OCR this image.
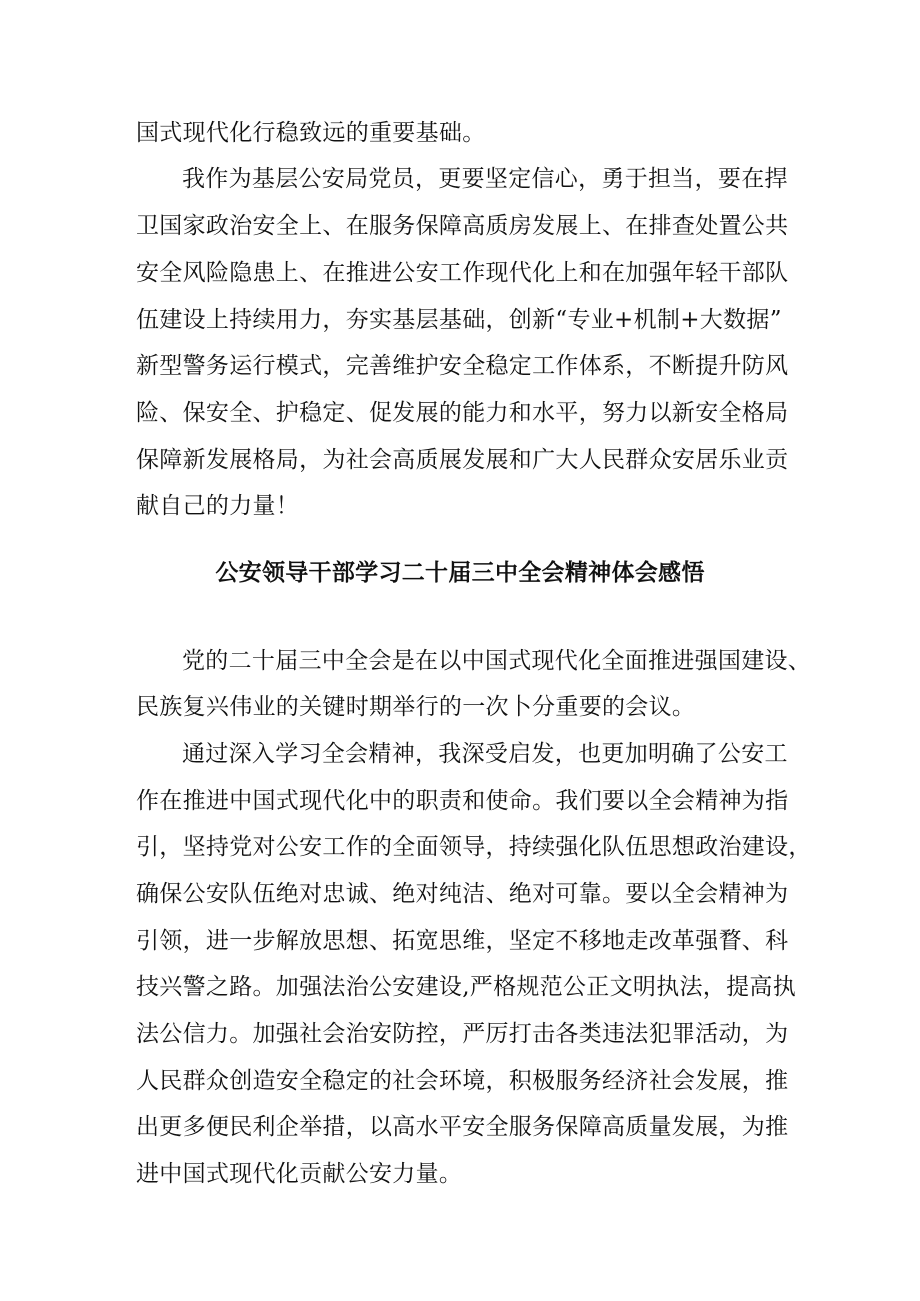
国式现代化行稳致远的重要基础。
我作为基层公安局党员，更要坚定信心，勇于担当，要在捍
卫国家政治安全上、在服务保障高质房发展上、在排查处置公共
安全风险隐患上、在推进公安工作现代化上和在加强年轻干部队
伍建设上持续用力，夯实基层基础，创新“专业+机制+大数据”
新型警务运行模式，完善维护安全稳定工作体系，不断提升防风
险、保安全、护稳定、促发展的能力和水平，努力以新安全格局
保障新发展格局，为社会高质展发展和广大人民群众安居乐业贡
献自己的力量！
公安领导干部学习二十届三中全会精神体会感悟
党的二十届三中全会是在以中国式现代化全面推进强国建设、
民族复兴伟业的关键时期举行的一次卜分重要的会议。
通过深入学习全会精神，我深受启发，也更加明确了公安工
作在推进中国式现代化中的职责和使命。我们要以全会精神为指
引，坚持党对公安工作的全面领导，持续强化队伍思想政治建设，
确保公安队伍绝对忠诚、绝对纯洁、绝对可靠。要以全会精神为
引领，进一步解放思想、拓宽思维，坚定不移地走改革强瞀、科
技兴警之路。加强法治公安建设,严格规范公正文明执法，提高执
法公信力。加强社会治安防控，严厉打击各类违法犯罪活动，为
人民群众创造安全稳定的社会环境，积极服务经济社会发展，推
出更多便民利企举措，以高水平安全服务保障高质量发展，为推
进中国式现代化贡献公安力量。
